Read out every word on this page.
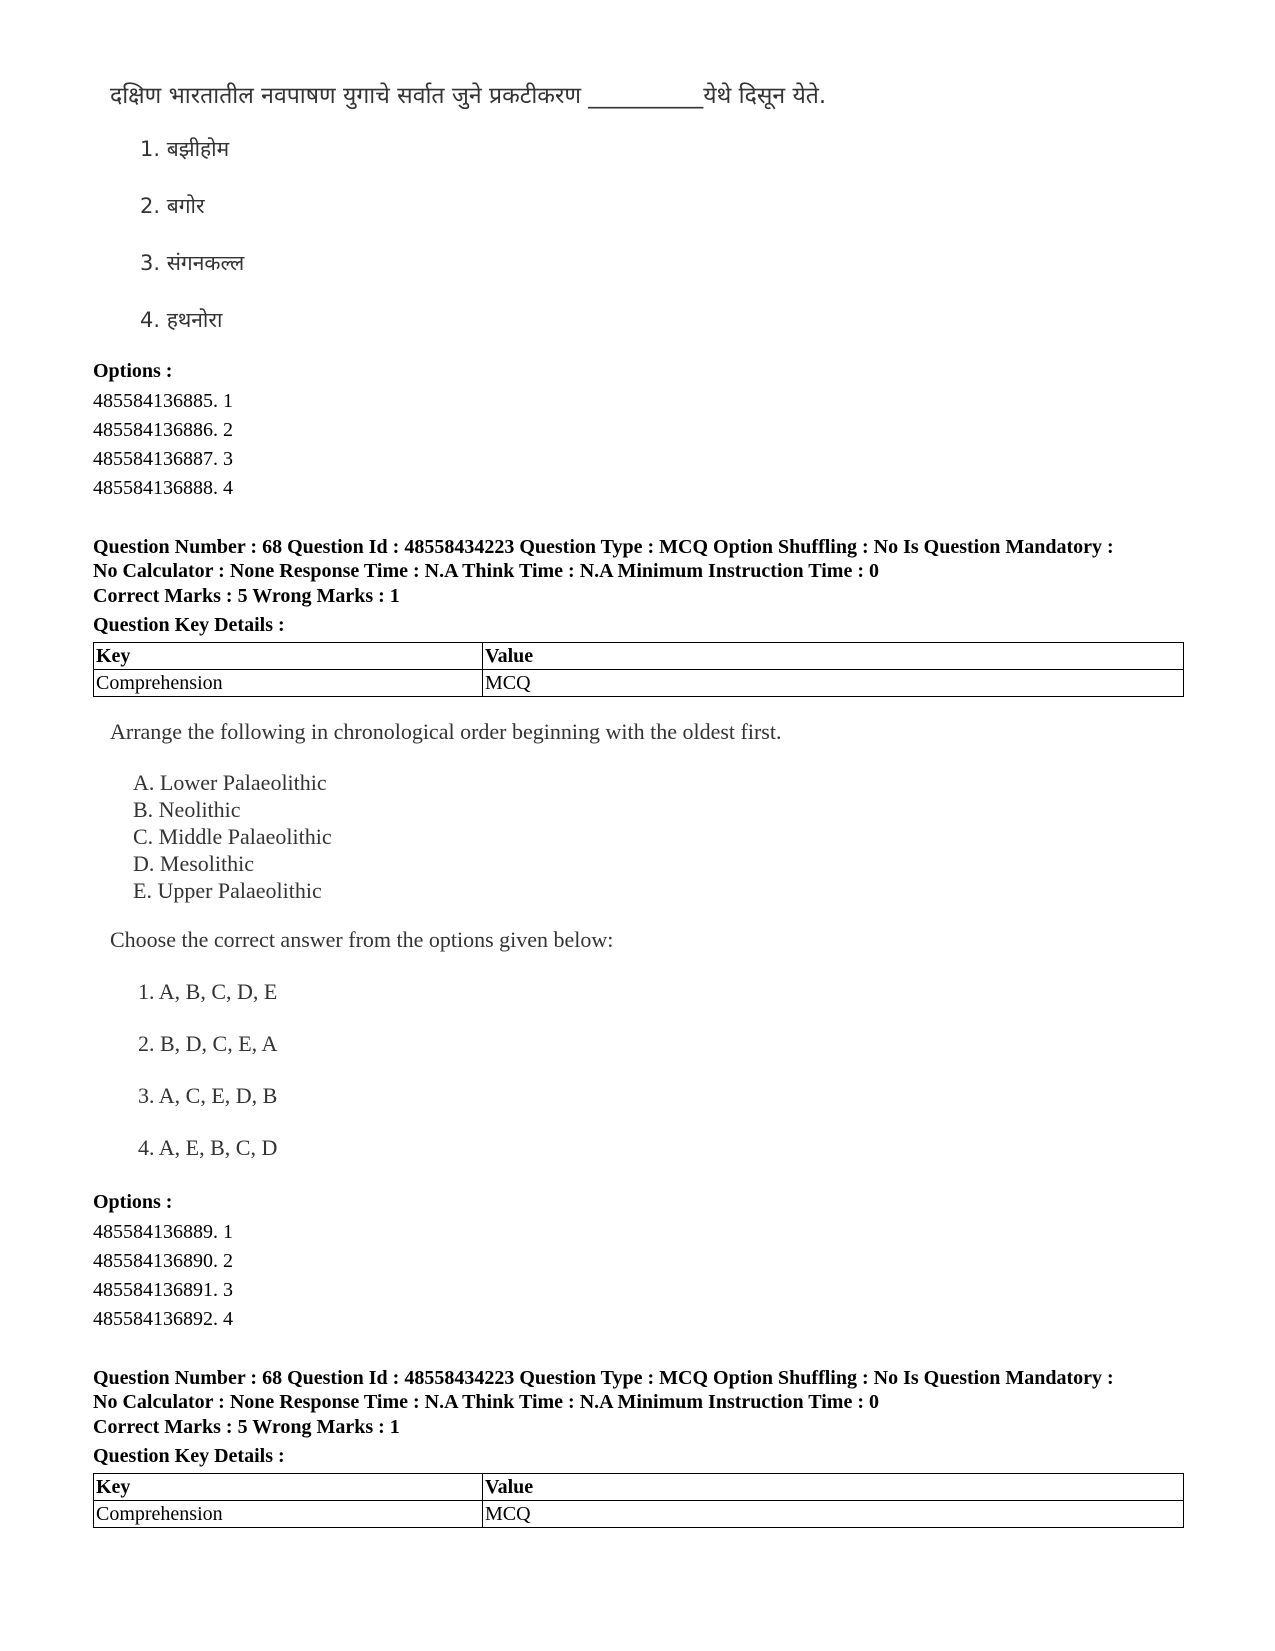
दक्षिण भारतातील नवपाषण युगाचे सर्वात जुने प्रकटीकरण __________येथे दिसून येते.
1. बझीहोम
2. बगोर
3. संगनकल्ल
4. हथनोरा
Options :
485584136885. 1
485584136886. 2
485584136887. 3
485584136888. 4
Question Number : 68 Question Id : 48558434223 Question Type : MCQ Option Shuffling : No Is Question Mandatory :
No Calculator : None Response Time : N.A Think Time : N.A Minimum Instruction Time : 0
Correct Marks : 5 Wrong Marks : 1
Question Key Details :
Key	Value
Comprehension	MCQ
Arrange the following in chronological order beginning with the oldest first.
A. Lower Palaeolithic
B. Neolithic
C. Middle Palaeolithic
D. Mesolithic
E. Upper Palaeolithic
Choose the correct answer from the options given below:
1. A, B, C, D, E
2. B, D, C, E, A
3. A, C, E, D, B
4. A, E, B, C, D
Options :
485584136889. 1
485584136890. 2
485584136891. 3
485584136892. 4
Question Number : 68 Question Id : 48558434223 Question Type : MCQ Option Shuffling : No Is Question Mandatory :
No Calculator : None Response Time : N.A Think Time : N.A Minimum Instruction Time : 0
Correct Marks : 5 Wrong Marks : 1
Question Key Details :
Key	Value
Comprehension	MCQ
